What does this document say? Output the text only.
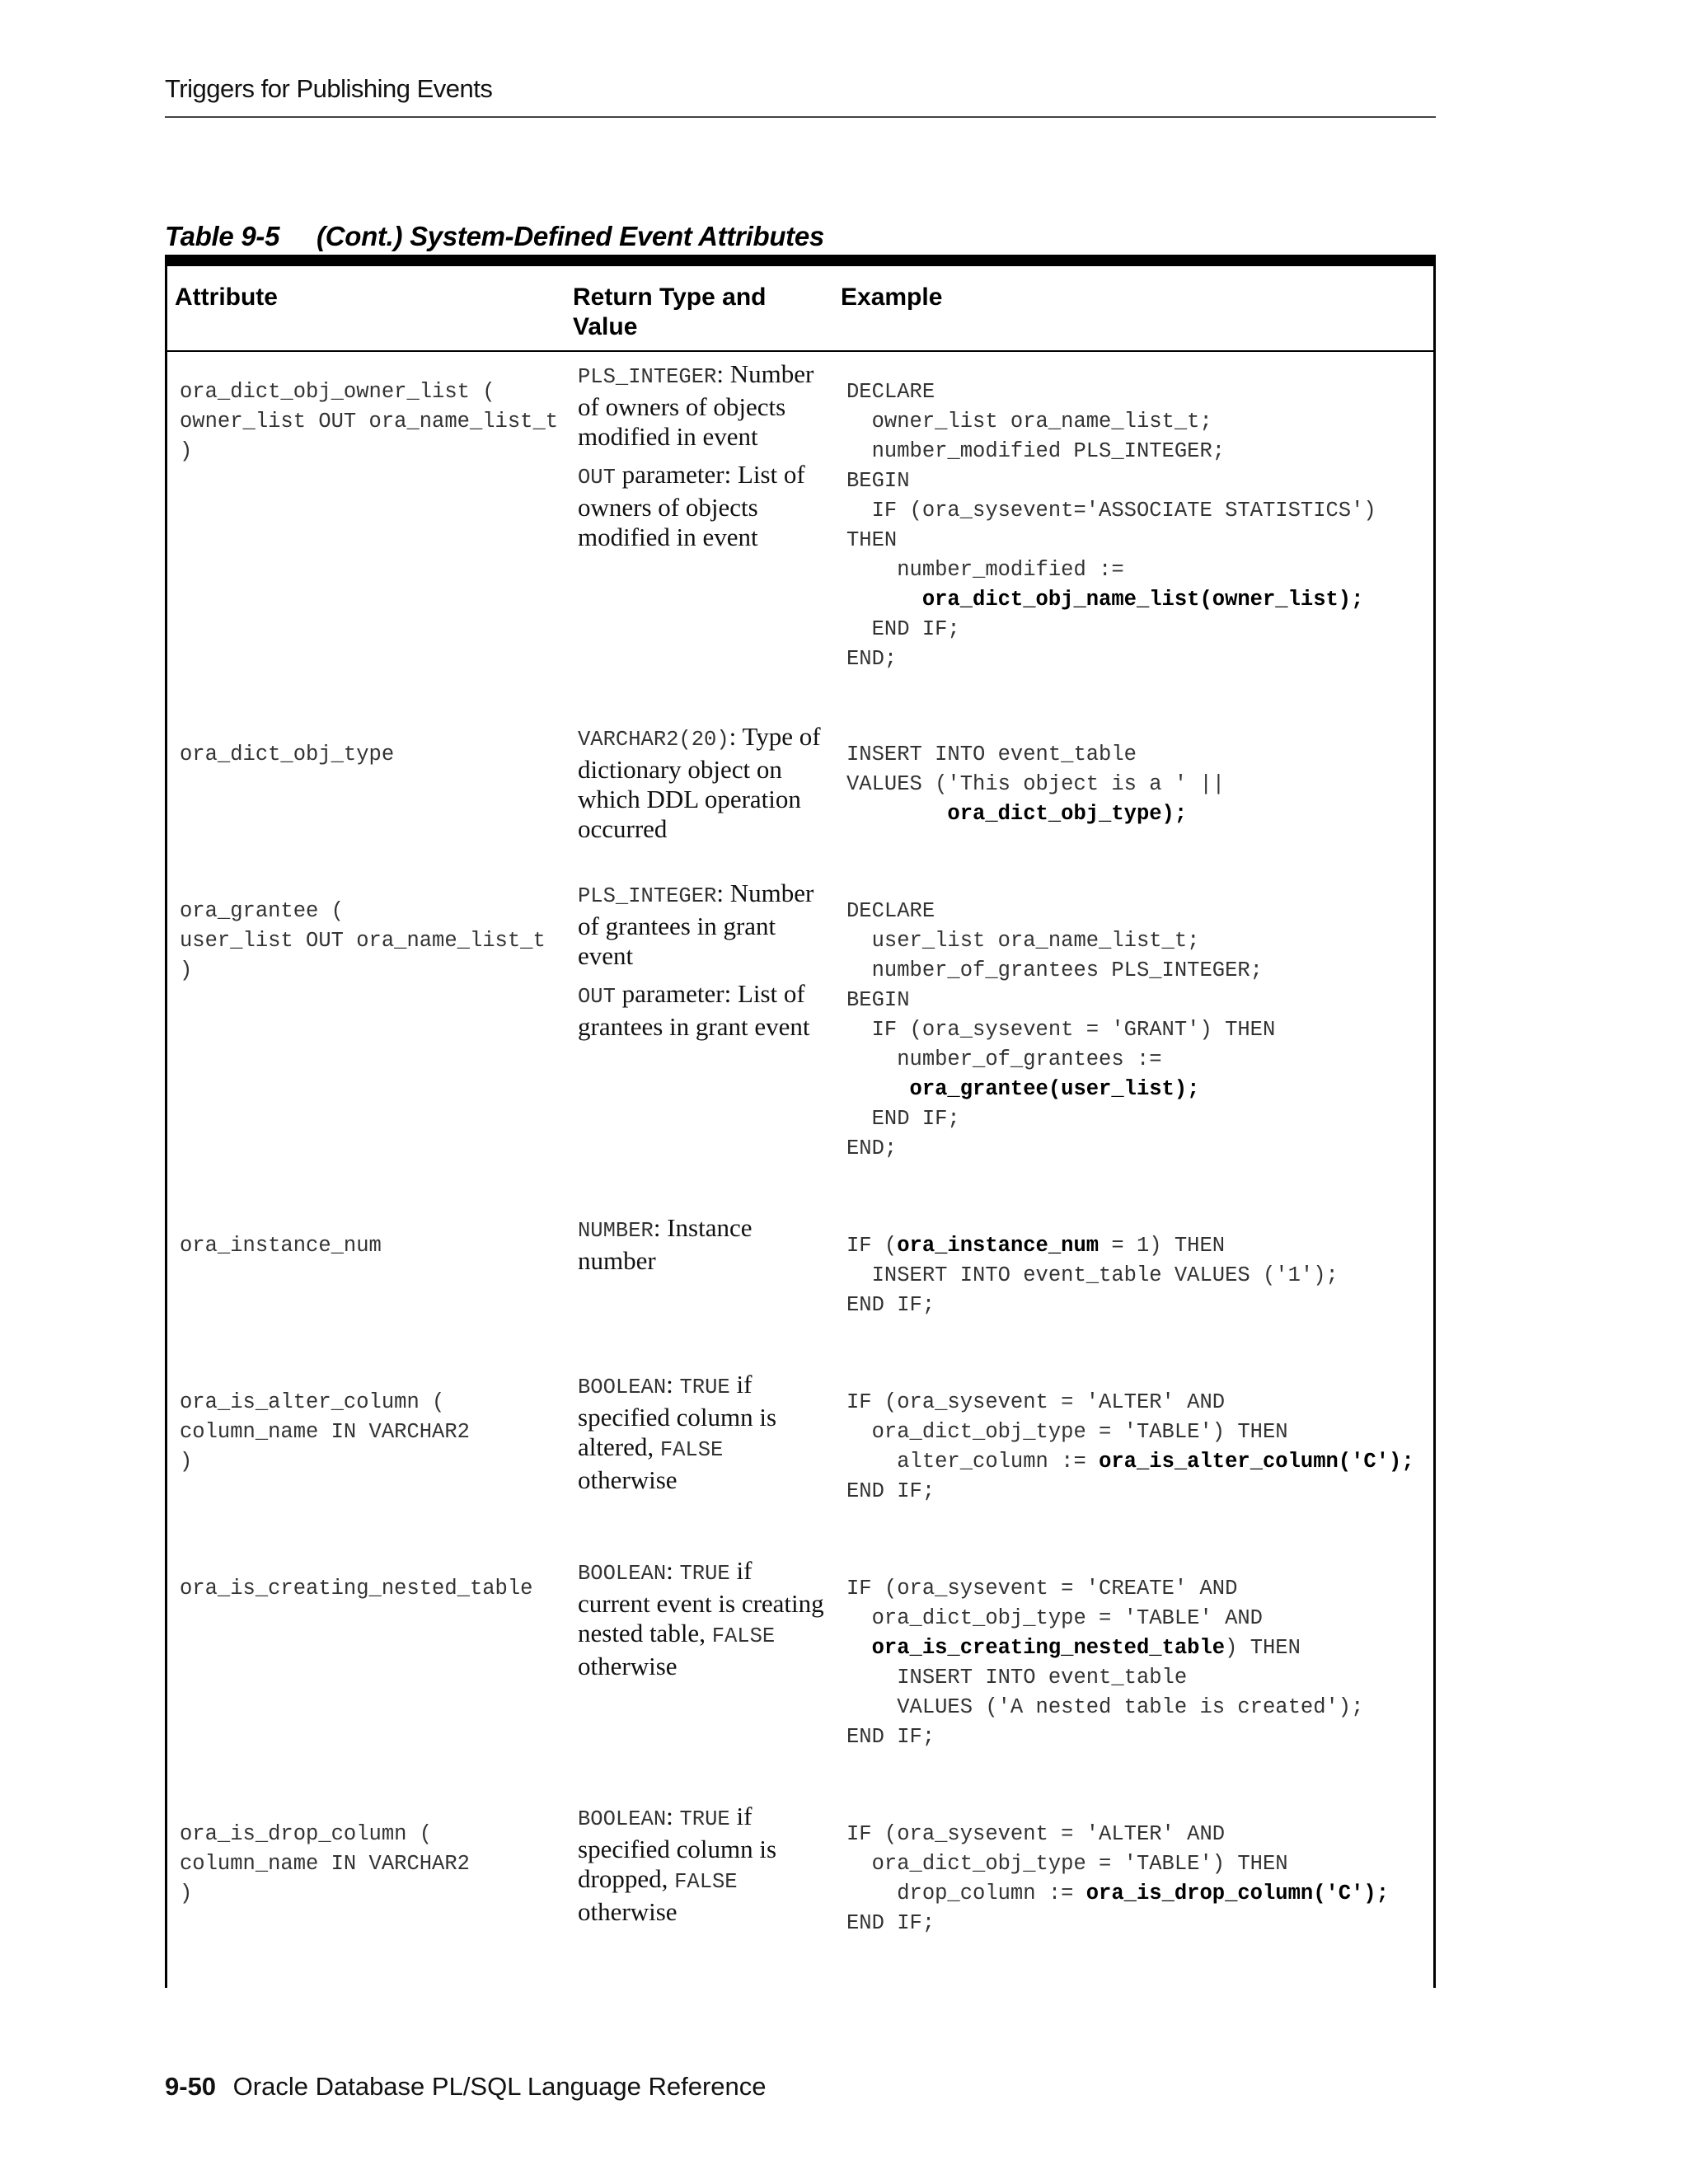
Triggers for Publishing Events
Table 9-5 (Cont.) System-Defined Event Attributes
Attribute	Return Type and Value
Example
ora_dict_obj_owner_list (
owner_list OUT ora_name_list_t
)

PLS_INTEGER: Number of owners of objects modified in event

OUT parameter: List of owners of objects modified in event

DECLARE
owner_list ora_name_list_t;
number_modified PLS_INTEGER;
BEGIN
IF (ora_sysevent='ASSOCIATE STATISTICS')
THEN
number_modified :=
ora_dict_obj_name_list(owner_list);
END IF;
END;
ora_dict_obj_type

VARCHAR2(20): Type of dictionary object on which DDL operation occurred

INSERT INTO event_table
VALUES ('This object is a ' ||
ora_dict_obj_type);
ora_grantee (
user_list OUT ora_name_list_t
)

PLS_INTEGER: Number of grantees in grant event

OUT parameter: List of grantees in grant event

DECLARE
user_list ora_name_list_t;
number_of_grantees PLS_INTEGER;
BEGIN
IF (ora_sysevent = 'GRANT') THEN
number_of_grantees :=
ora_grantee(user_list);
END IF;
END;
ora_instance_num

NUMBER: Instance number

IF (ora_instance_num = 1) THEN
INSERT INTO event_table VALUES ('1');
END IF;
ora_is_alter_column (
column_name IN VARCHAR2
)

BOOLEAN: TRUE if specified column is altered, FALSE otherwise

IF (ora_sysevent = 'ALTER' AND
ora_dict_obj_type = 'TABLE') THEN
alter_column := ora_is_alter_column('C');
END IF;
ora_is_creating_nested_table

BOOLEAN: TRUE if current event is creating nested table, FALSE otherwise

IF (ora_sysevent = 'CREATE' AND
ora_dict_obj_type = 'TABLE' AND
ora_is_creating_nested_table) THEN
INSERT INTO event_table
VALUES ('A nested table is created');
END IF;
ora_is_drop_column (
column_name IN VARCHAR2
)

BOOLEAN: TRUE if specified column is dropped, FALSE otherwise

IF (ora_sysevent = 'ALTER' AND
ora_dict_obj_type = 'TABLE') THEN
drop_column := ora_is_drop_column('C');
END IF;
9-50 Oracle Database PL/SQL Language Reference
